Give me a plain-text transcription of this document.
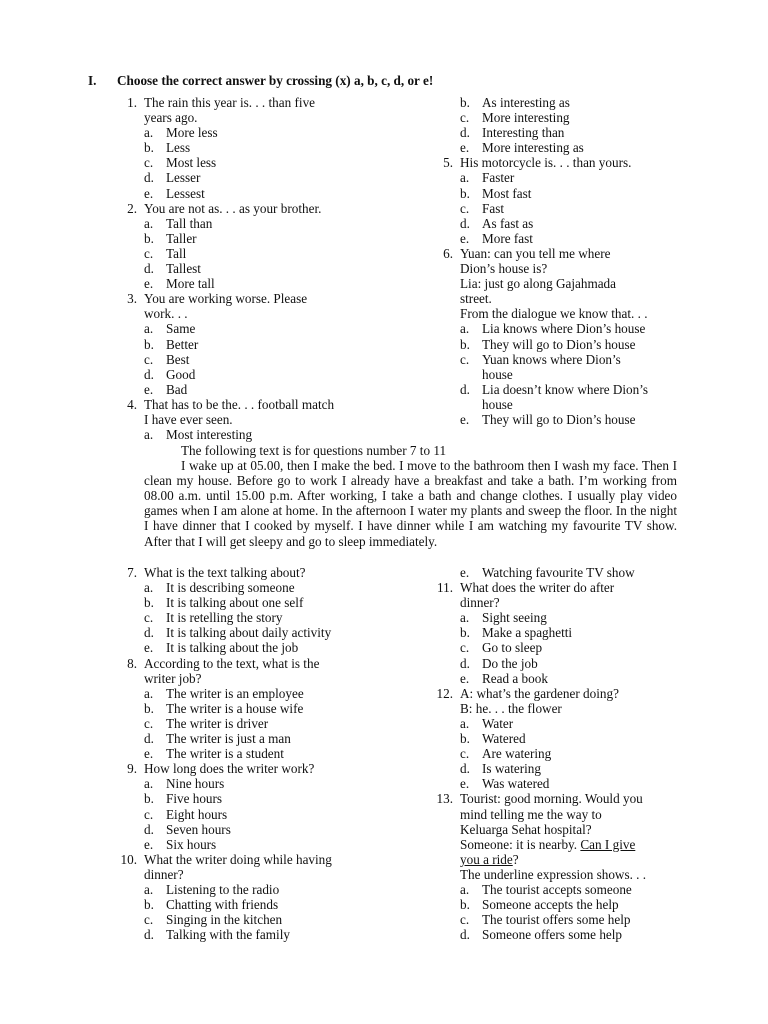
I. Choose the correct answer by crossing (x) a, b, c, d, or e!
1. The rain this year is. . . than five
years ago.
a. More less
b. Less
c. Most less
d. Lesser
e. Lessest
2. You are not as. . . as your brother.
a. Tall than
b. Taller
c. Tall
d. Tallest
e. More tall
3. You are working worse. Please
work. . .
a. Same
b. Better
c. Best
d. Good
e. Bad
4. That has to be the. . . football match
I have ever seen.
a. Most interesting
b. As interesting as
c. More interesting
d. Interesting than
e. More interesting as
5. His motorcycle is. . . than yours.
a. Faster
b. Most fast
c. Fast
d. As fast as
e. More fast
6. Yuan: can you tell me where
Dion’s house is?
Lia: just go along Gajahmada
street.
From the dialogue we know that. . .
a. Lia knows where Dion’s house
b. They will go to Dion’s house
c. Yuan knows where Dion’s
house
d. Lia doesn’t know where Dion’s
house
e. They will go to Dion’s house
The following text is for questions number 7 to 11
I wake up at 05.00, then I make the bed. I move to the bathroom then I wash my face. Then I clean my house. Before go to work I already have a breakfast and take a bath. I’m working from 08.00 a.m. until 15.00 p.m. After working, I take a bath and change clothes. I usually play video games when I am alone at home. In the afternoon I water my plants and sweep the floor. In the night I have dinner that I cooked by myself. I have dinner while I am watching my favourite TV show. After that I will get sleepy and go to sleep immediately.
7. What is the text talking about?
a. It is describing someone
b. It is talking about one self
c. It is retelling the story
d. It is talking about daily activity
e. It is talking about the job
8. According to the text, what is the
writer job?
a. The writer is an employee
b. The writer is a house wife
c. The writer is driver
d. The writer is just a man
e. The writer is a student
9. How long does the writer work?
a. Nine hours
b. Five hours
c. Eight hours
d. Seven hours
e. Six hours
10. What the writer doing while having
dinner?
a. Listening to the radio
b. Chatting with friends
c. Singing in the kitchen
d. Talking with the family
e. Watching favourite TV show
11. What does the writer do after
dinner?
a. Sight seeing
b. Make a spaghetti
c. Go to sleep
d. Do the job
e. Read a book
12. A: what’s the gardener doing?
B: he. . . the flower
a. Water
b. Watered
c. Are watering
d. Is watering
e. Was watered
13. Tourist: good morning. Would you
mind telling me the way to
Keluarga Sehat hospital?
Someone: it is nearby. Can I give
you a ride?
The underline expression shows. . .
a. The tourist accepts someone
b. Someone accepts the help
c. The tourist offers some help
d. Someone offers some help
